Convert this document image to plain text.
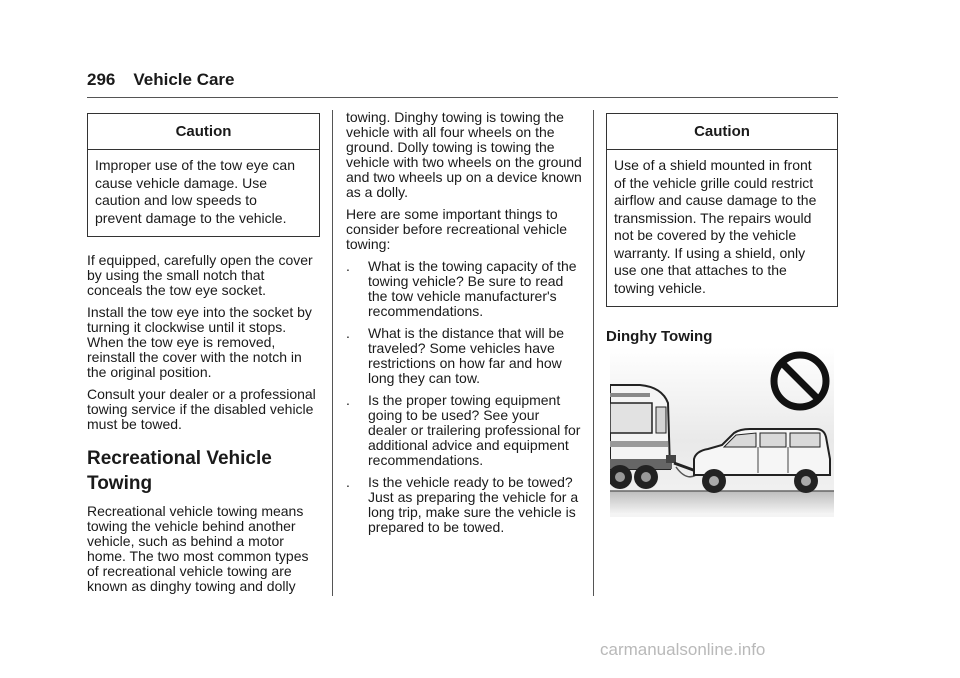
296 Vehicle Care
Caution
Improper use of the tow eye can
cause vehicle damage. Use
caution and low speeds to
prevent damage to the vehicle.

If equipped, carefully open the cover by using the small notch that conceals the tow eye socket.

Install the tow eye into the socket by turning it clockwise until it stops. When the tow eye is removed, reinstall the cover with the notch in the original position.

Consult your dealer or a professional towing service if the disabled vehicle must be towed.

Recreational Vehicle Towing

Recreational vehicle towing means towing the vehicle behind another vehicle, such as behind a motor home. The two most common types of recreational vehicle towing are known as dinghy towing and dolly

towing. Dinghy towing is towing the vehicle with all four wheels on the ground. Dolly towing is towing the vehicle with two wheels on the ground and two wheels up on a device known as a dolly.

Here are some important things to consider before recreational vehicle towing:

. What is the towing capacity of the towing vehicle? Be sure to read the tow vehicle manufacturer's recommendations.
. What is the distance that will be traveled? Some vehicles have restrictions on how far and how long they can tow.
. Is the proper towing equipment going to be used? See your dealer or trailering professional for additional advice and equipment recommendations.
. Is the vehicle ready to be towed? Just as preparing the vehicle for a long trip, make sure the vehicle is prepared to be towed.
Caution
Use of a shield mounted in front
of the vehicle grille could restrict
airflow and cause damage to the
transmission. The repairs would
not be covered by the vehicle
warranty. If using a shield, only
use one that attaches to the
towing vehicle.
Dinghy Towing
carmanualsonline.info
